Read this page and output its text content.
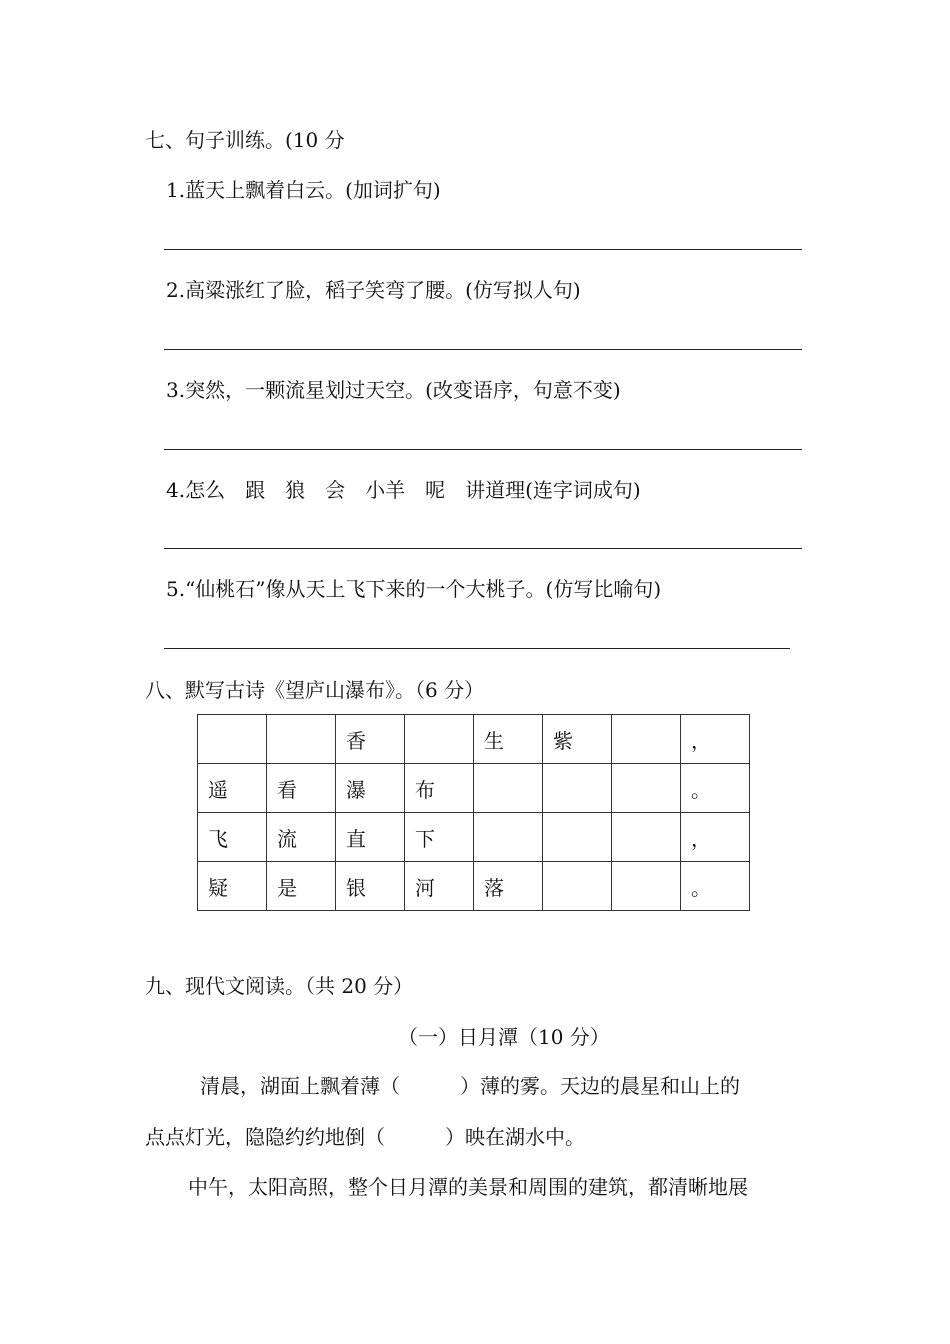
七、句子训练。(10 分
1.蓝天上飘着白云。(加词扩句)
2.高粱涨红了脸，稻子笑弯了腰。(仿写拟人句)
3.突然，一颗流星划过天空。(改变语序，句意不变)
4.怎么　跟　狼　会　小羊　呢　讲道理(连字词成句)
5.“仙桃石”像从天上飞下来的一个大桃子。(仿写比喻句)
八、默写古诗《望庐山瀑布》。（6 分）
		香		生	紫		，
遥	看	瀑	布				。
飞	流	直	下				，
疑	是	银	河	落			。
九、现代文阅读。（共 20 分）
（一）日月潭（10 分）
清晨，湖面上飘着薄（　　　）薄的雾。天边的晨星和山上的
点点灯光，隐隐约约地倒（　　　）映在湖水中。
中午，太阳高照，整个日月潭的美景和周围的建筑，都清晰地展
